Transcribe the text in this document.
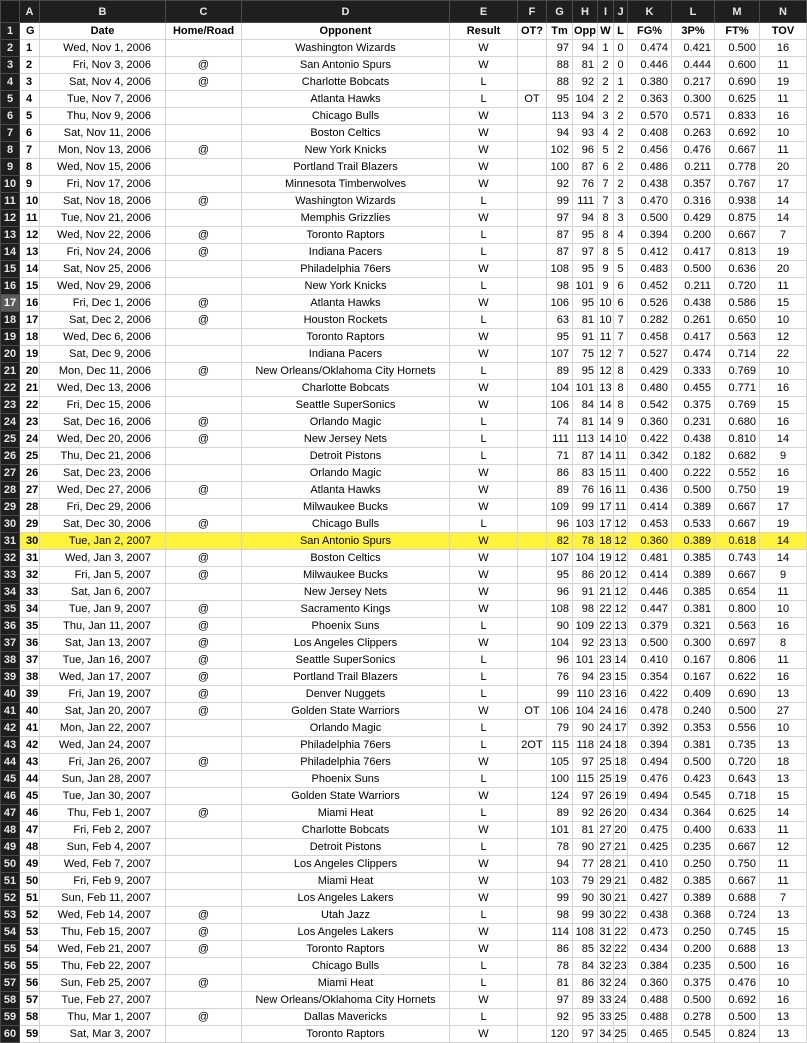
	A	B	C	D	E	F	G	H	I	J	K	L	M	N
1	G	Date	Home/Road	Opponent	Result	OT?	Tm	Opp	W	L	FG%	3P%	FT%	TOV
2	1	Wed, Nov 1, 2006		Washington Wizards	W		97	94	1	0	0.474	0.421	0.500	16
3	2	Fri, Nov 3, 2006	@	San Antonio Spurs	W		88	81	2	0	0.446	0.444	0.600	11
4	3	Sat, Nov 4, 2006	@	Charlotte Bobcats	L		88	92	2	1	0.380	0.217	0.690	19
5	4	Tue, Nov 7, 2006		Atlanta Hawks	L	OT	95	104	2	2	0.363	0.300	0.625	11
6	5	Thu, Nov 9, 2006		Chicago Bulls	W		113	94	3	2	0.570	0.571	0.833	16
7	6	Sat, Nov 11, 2006		Boston Celtics	W		94	93	4	2	0.408	0.263	0.692	10
8	7	Mon, Nov 13, 2006	@	New York Knicks	W		102	96	5	2	0.456	0.476	0.667	11
9	8	Wed, Nov 15, 2006		Portland Trail Blazers	W		100	87	6	2	0.486	0.211	0.778	20
10	9	Fri, Nov 17, 2006		Minnesota Timberwolves	W		92	76	7	2	0.438	0.357	0.767	17
11	10	Sat, Nov 18, 2006	@	Washington Wizards	L		99	111	7	3	0.470	0.316	0.938	14
12	11	Tue, Nov 21, 2006		Memphis Grizzlies	W		97	94	8	3	0.500	0.429	0.875	14
13	12	Wed, Nov 22, 2006	@	Toronto Raptors	L		87	95	8	4	0.394	0.200	0.667	7
14	13	Fri, Nov 24, 2006	@	Indiana Pacers	L		87	97	8	5	0.412	0.417	0.813	19
15	14	Sat, Nov 25, 2006		Philadelphia 76ers	W		108	95	9	5	0.483	0.500	0.636	20
16	15	Wed, Nov 29, 2006		New York Knicks	L		98	101	9	6	0.452	0.211	0.720	11
17	16	Fri, Dec 1, 2006	@	Atlanta Hawks	W		106	95	10	6	0.526	0.438	0.586	15
18	17	Sat, Dec 2, 2006	@	Houston Rockets	L		63	81	10	7	0.282	0.261	0.650	10
19	18	Wed, Dec 6, 2006		Toronto Raptors	W		95	91	11	7	0.458	0.417	0.563	12
20	19	Sat, Dec 9, 2006		Indiana Pacers	W		107	75	12	7	0.527	0.474	0.714	22
21	20	Mon, Dec 11, 2006	@	New Orleans/Oklahoma City Hornets	L		89	95	12	8	0.429	0.333	0.769	10
22	21	Wed, Dec 13, 2006		Charlotte Bobcats	W		104	101	13	8	0.480	0.455	0.771	16
23	22	Fri, Dec 15, 2006		Seattle SuperSonics	W		106	84	14	8	0.542	0.375	0.769	15
24	23	Sat, Dec 16, 2006	@	Orlando Magic	L		74	81	14	9	0.360	0.231	0.680	16
25	24	Wed, Dec 20, 2006	@	New Jersey Nets	L		111	113	14	10	0.422	0.438	0.810	14
26	25	Thu, Dec 21, 2006		Detroit Pistons	L		71	87	14	11	0.342	0.182	0.682	9
27	26	Sat, Dec 23, 2006		Orlando Magic	W		86	83	15	11	0.400	0.222	0.552	16
28	27	Wed, Dec 27, 2006	@	Atlanta Hawks	W		89	76	16	11	0.436	0.500	0.750	19
29	28	Fri, Dec 29, 2006		Milwaukee Bucks	W		109	99	17	11	0.414	0.389	0.667	17
30	29	Sat, Dec 30, 2006	@	Chicago Bulls	L		96	103	17	12	0.453	0.533	0.667	19
31	30	Tue, Jan 2, 2007		San Antonio Spurs	W		82	78	18	12	0.360	0.389	0.618	14
32	31	Wed, Jan 3, 2007	@	Boston Celtics	W		107	104	19	12	0.481	0.385	0.743	14
33	32	Fri, Jan 5, 2007	@	Milwaukee Bucks	W		95	86	20	12	0.414	0.389	0.667	9
34	33	Sat, Jan 6, 2007		New Jersey Nets	W		96	91	21	12	0.446	0.385	0.654	11
35	34	Tue, Jan 9, 2007	@	Sacramento Kings	W		108	98	22	12	0.447	0.381	0.800	10
36	35	Thu, Jan 11, 2007	@	Phoenix Suns	L		90	109	22	13	0.379	0.321	0.563	16
37	36	Sat, Jan 13, 2007	@	Los Angeles Clippers	W		104	92	23	13	0.500	0.300	0.697	8
38	37	Tue, Jan 16, 2007	@	Seattle SuperSonics	L		96	101	23	14	0.410	0.167	0.806	11
39	38	Wed, Jan 17, 2007	@	Portland Trail Blazers	L		76	94	23	15	0.354	0.167	0.622	16
40	39	Fri, Jan 19, 2007	@	Denver Nuggets	L		99	110	23	16	0.422	0.409	0.690	13
41	40	Sat, Jan 20, 2007	@	Golden State Warriors	W	OT	106	104	24	16	0.478	0.240	0.500	27
42	41	Mon, Jan 22, 2007		Orlando Magic	L		79	90	24	17	0.392	0.353	0.556	10
43	42	Wed, Jan 24, 2007		Philadelphia 76ers	L	2OT	115	118	24	18	0.394	0.381	0.735	13
44	43	Fri, Jan 26, 2007	@	Philadelphia 76ers	W		105	97	25	18	0.494	0.500	0.720	18
45	44	Sun, Jan 28, 2007		Phoenix Suns	L		100	115	25	19	0.476	0.423	0.643	13
46	45	Tue, Jan 30, 2007		Golden State Warriors	W		124	97	26	19	0.494	0.545	0.718	15
47	46	Thu, Feb 1, 2007	@	Miami Heat	L		89	92	26	20	0.434	0.364	0.625	14
48	47	Fri, Feb 2, 2007		Charlotte Bobcats	W		101	81	27	20	0.475	0.400	0.633	11
49	48	Sun, Feb 4, 2007		Detroit Pistons	L		78	90	27	21	0.425	0.235	0.667	12
50	49	Wed, Feb 7, 2007		Los Angeles Clippers	W		94	77	28	21	0.410	0.250	0.750	11
51	50	Fri, Feb 9, 2007		Miami Heat	W		103	79	29	21	0.482	0.385	0.667	11
52	51	Sun, Feb 11, 2007		Los Angeles Lakers	W		99	90	30	21	0.427	0.389	0.688	7
53	52	Wed, Feb 14, 2007	@	Utah Jazz	L		98	99	30	22	0.438	0.368	0.724	13
54	53	Thu, Feb 15, 2007	@	Los Angeles Lakers	W		114	108	31	22	0.473	0.250	0.745	15
55	54	Wed, Feb 21, 2007	@	Toronto Raptors	W		86	85	32	22	0.434	0.200	0.688	13
56	55	Thu, Feb 22, 2007		Chicago Bulls	L		78	84	32	23	0.384	0.235	0.500	16
57	56	Sun, Feb 25, 2007	@	Miami Heat	L		81	86	32	24	0.360	0.375	0.476	10
58	57	Tue, Feb 27, 2007		New Orleans/Oklahoma City Hornets	W		97	89	33	24	0.488	0.500	0.692	16
59	58	Thu, Mar 1, 2007	@	Dallas Mavericks	L		92	95	33	25	0.488	0.278	0.500	13
60	59	Sat, Mar 3, 2007		Toronto Raptors	W		120	97	34	25	0.465	0.545	0.824	13
